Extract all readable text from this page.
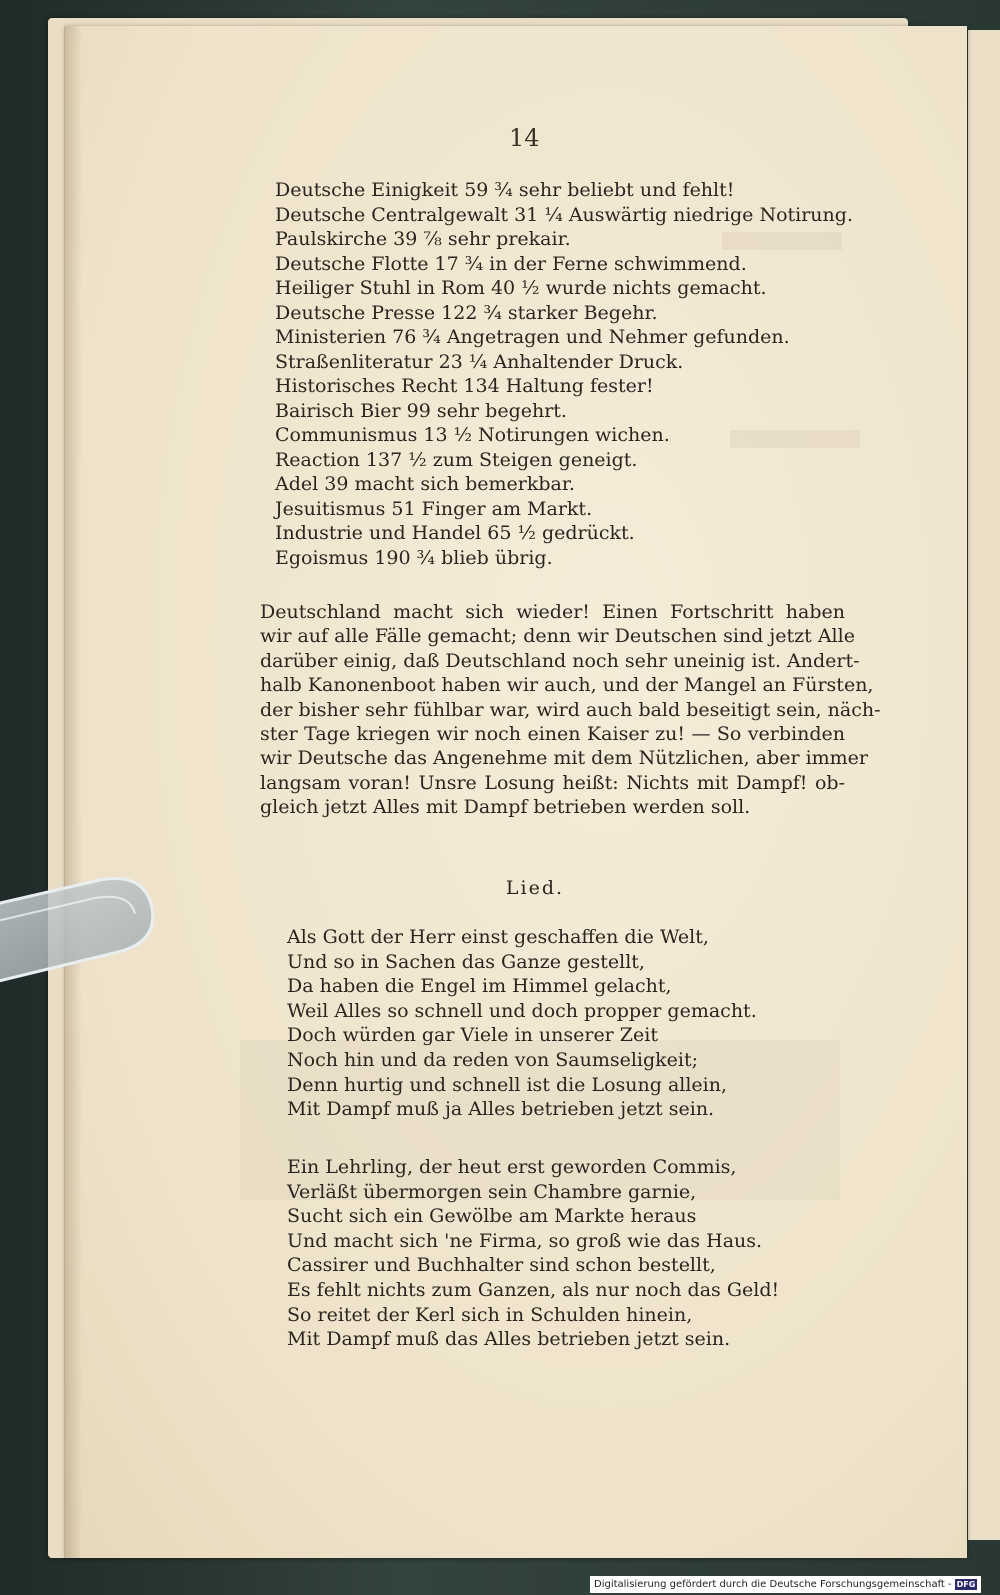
14
Deutsche Einigkeit 59 ¾ sehr beliebt und fehlt!
Deutsche Centralgewalt 31 ¼ Auswärtig niedrige Notirung.
Paulskirche 39 ⅞ sehr prekair.
Deutsche Flotte 17 ¾ in der Ferne schwimmend.
Heiliger Stuhl in Rom 40 ½ wurde nichts gemacht.
Deutsche Presse 122 ¾ starker Begehr.
Ministerien 76 ¾ Angetragen und Nehmer gefunden.
Straßenliteratur 23 ¼ Anhaltender Druck.
Historisches Recht 134 Haltung fester!
Bairisch Bier 99 sehr begehrt.
Communismus 13 ½ Notirungen wichen.
Reaction 137 ½ zum Steigen geneigt.
Adel 39 macht sich bemerkbar.
Jesuitismus 51 Finger am Markt.
Industrie und Handel 65 ½ gedrückt.
Egoismus 190 ¾ blieb übrig.
Deutschland macht sich wieder! Einen Fortschritt haben
wir auf alle Fälle gemacht; denn wir Deutschen sind jetzt Alle
darüber einig, daß Deutschland noch sehr uneinig ist. Andert-
halb Kanonenboot haben wir auch, und der Mangel an Fürsten,
der bisher sehr fühlbar war, wird auch bald beseitigt sein, näch-
ster Tage kriegen wir noch einen Kaiser zu! — So verbinden
wir Deutsche das Angenehme mit dem Nützlichen, aber immer
langsam voran! Unsre Losung heißt: Nichts mit Dampf! ob-
gleich jetzt Alles mit Dampf betrieben werden soll.
Lied.
Als Gott der Herr einst geschaffen die Welt,
Und so in Sachen das Ganze gestellt,
Da haben die Engel im Himmel gelacht,
Weil Alles so schnell und doch propper gemacht.
Doch würden gar Viele in unserer Zeit
Noch hin und da reden von Saumseligkeit;
Denn hurtig und schnell ist die Losung allein,
Mit Dampf muß ja Alles betrieben jetzt sein.
Ein Lehrling, der heut erst geworden Commis,
Verläßt übermorgen sein Chambre garnie,
Sucht sich ein Gewölbe am Markte heraus
Und macht sich 'ne Firma, so groß wie das Haus.
Cassirer und Buchhalter sind schon bestellt,
Es fehlt nichts zum Ganzen, als nur noch das Geld!
So reitet der Kerl sich in Schulden hinein,
Mit Dampf muß das Alles betrieben jetzt sein.
Digitalisierung gefördert durch die Deutsche Forschungsgemeinschaft - DFG
